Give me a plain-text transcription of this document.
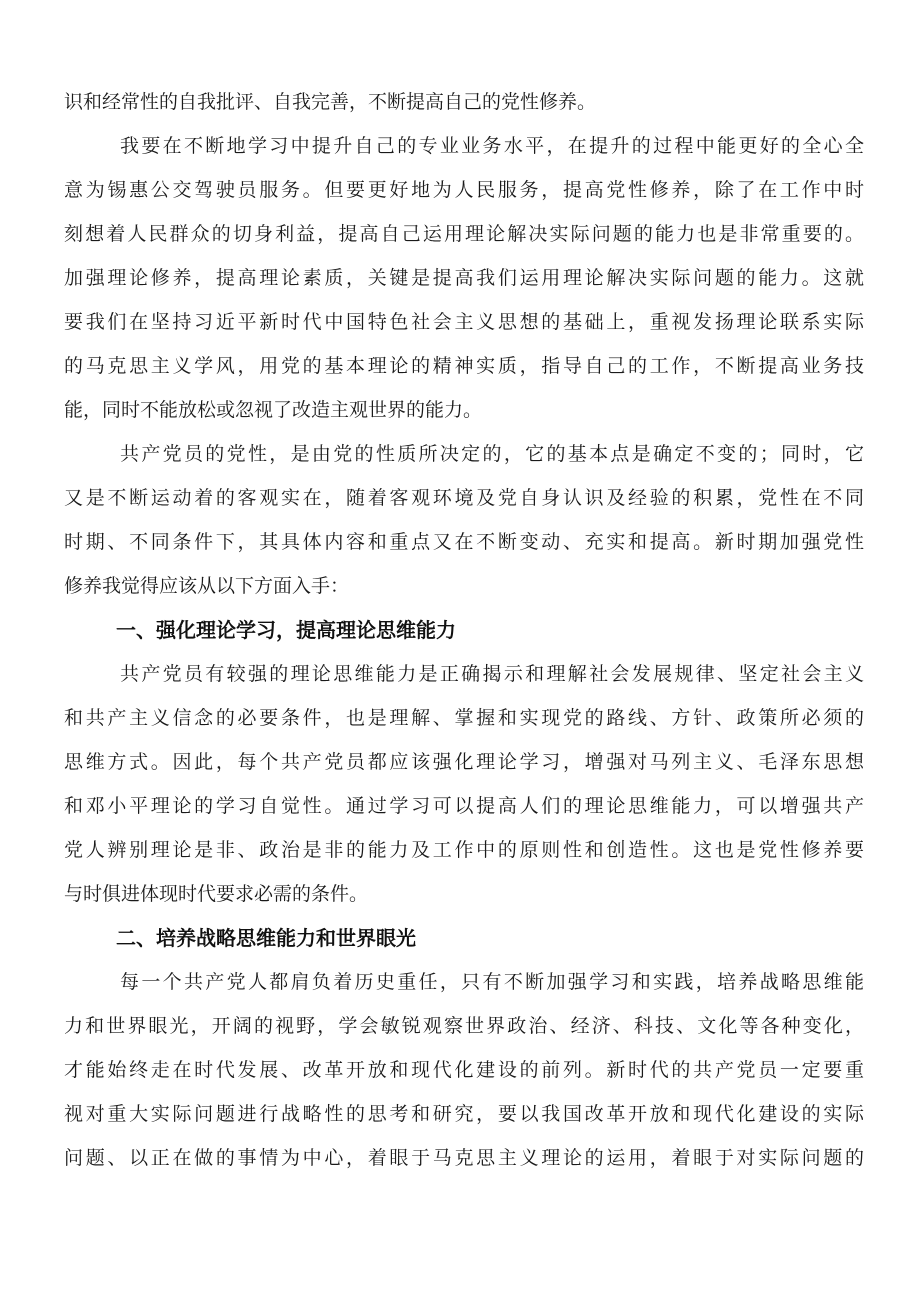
识和经常性的自我批评、自我完善，不断提高自己的党性修养。
我要在不断地学习中提升自己的专业业务水平，在提升的过程中能更好的全心全
意为锡惠公交驾驶员服务。但要更好地为人民服务，提高党性修养，除了在工作中时
刻想着人民群众的切身利益，提高自己运用理论解决实际问题的能力也是非常重要的。
加强理论修养，提高理论素质，关键是提高我们运用理论解决实际问题的能力。这就
要我们在坚持习近平新时代中国特色社会主义思想的基础上，重视发扬理论联系实际
的马克思主义学风，用党的基本理论的精神实质，指导自己的工作，不断提高业务技
能，同时不能放松或忽视了改造主观世界的能力。
共产党员的党性，是由党的性质所决定的，它的基本点是确定不变的；同时，它
又是不断运动着的客观实在，随着客观环境及党自身认识及经验的积累，党性在不同
时期、不同条件下，其具体内容和重点又在不断变动、充实和提高。新时期加强党性
修养我觉得应该从以下方面入手：
一、强化理论学习，提高理论思维能力
共产党员有较强的理论思维能力是正确揭示和理解社会发展规律、坚定社会主义
和共产主义信念的必要条件，也是理解、掌握和实现党的路线、方针、政策所必须的
思维方式。因此，每个共产党员都应该强化理论学习，增强对马列主义、毛泽东思想
和邓小平理论的学习自觉性。通过学习可以提高人们的理论思维能力，可以增强共产
党人辨别理论是非、政治是非的能力及工作中的原则性和创造性。这也是党性修养要
与时俱进体现时代要求必需的条件。
二、培养战略思维能力和世界眼光
每一个共产党人都肩负着历史重任，只有不断加强学习和实践，培养战略思维能
力和世界眼光，开阔的视野，学会敏锐观察世界政治、经济、科技、文化等各种变化，
才能始终走在时代发展、改革开放和现代化建设的前列。新时代的共产党员一定要重
视对重大实际问题进行战略性的思考和研究，要以我国改革开放和现代化建设的实际
问题、以正在做的事情为中心，着眼于马克思主义理论的运用，着眼于对实际问题的
